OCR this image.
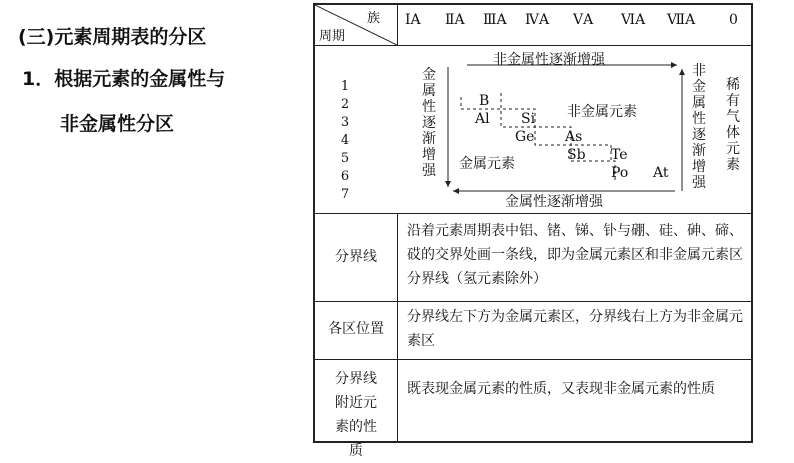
(三)元素周期表的分区
1．根据元素的金属性与
非金属性分区
族
周期
ⅠA ⅡA ⅢA ⅣA ⅤA ⅥA ⅦA 0
1
2
3
4
5
6
7
非金属性逐渐增强
金属性逐渐增强
金属性逐渐增强
非金属性逐渐增强
稀有气体元素
非金属元素
金属元素
B
Al Si
Ge As
Sb Te
Po At
分界线
沿着元素周期表中铝、锗、锑、钋与硼、硅、砷、碲、砹的交界处画一条线，即为金属元素区和非金属元素区分界线（氢元素除外）
各区位置
分界线左下方为金属元素区，分界线右上方为非金属元素区
分界线附近元素的性质
既表现金属元素的性质，又表现非金属元素的性质
